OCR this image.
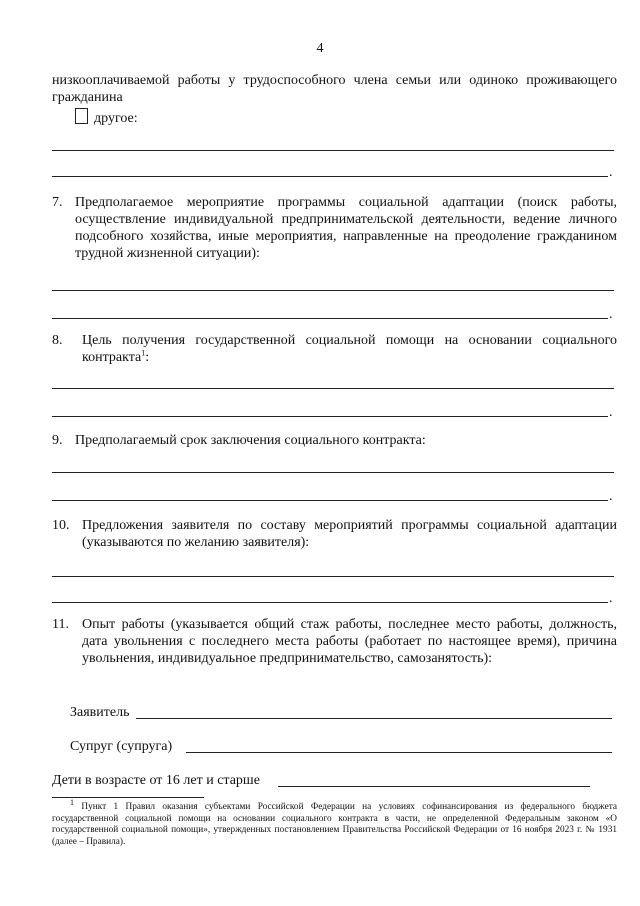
4
низкооплачиваемой работы у трудоспособного члена семьи или одиноко проживающего гражданина
другое:
.
7. Предполагаемое мероприятие программы социальной адаптации (поиск работы, осуществление индивидуальной предпринимательской деятельности, ведение личного подсобного хозяйства, иные мероприятия, направленные на преодоление гражданином трудной жизненной ситуации):
.
8. Цель получения государственной социальной помощи на основании социального контракта$^1$:
.
9. Предполагаемый срок заключения социального контракта:
.
10. Предложения заявителя по составу мероприятий программы социальной адаптации (указываются по желанию заявителя):
.
11. Опыт работы (указывается общий стаж работы, последнее место работы, должность, дата увольнения с последнего места работы (работает по настоящее время), причина увольнения, индивидуальное предпринимательство, самозанятость):
Заявитель
Супруг (супруга)
Дети в возрасте от 16 лет и старше
$^1$ Пункт 1 Правил оказания субъектами Российской Федерации на условиях софинансирования из федерального бюджета государственной социальной помощи на основании социального контракта в части, не определенной Федеральным законом «О государственной социальной помощи», утвержденных постановлением Правительства Российской Федерации от 16 ноября 2023 г. № 1931 (далее – Правила).
